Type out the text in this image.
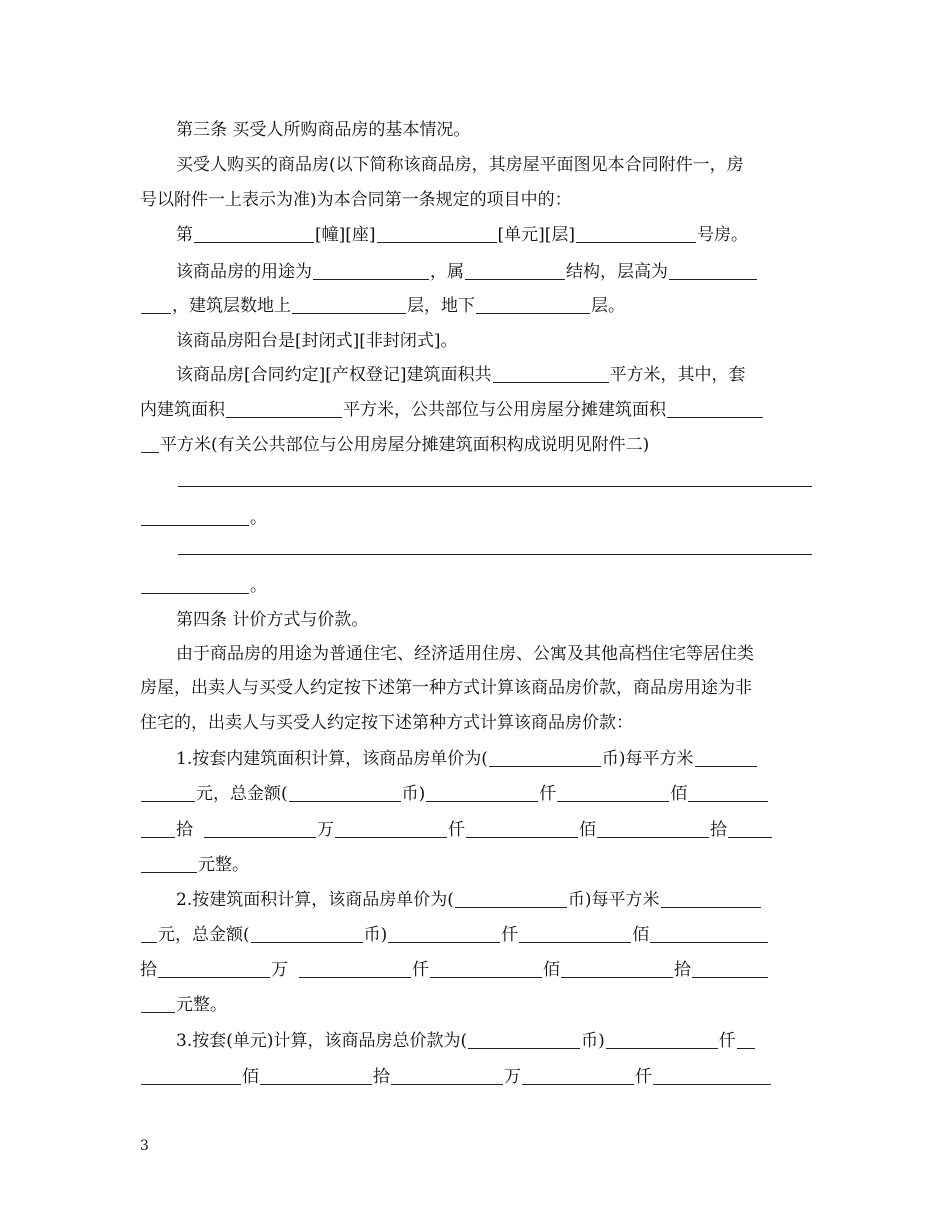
第三条 买受人所购商品房的基本情况。
买受人购买的商品房(以下简称该商品房，其房屋平面图见本合同附件一，房
号以附件一上表示为准)为本合同第一条规定的项目中的：
第	[幢][座]	[单元][层]	号房。
该商品房的用途为	，属	结构，层高为
，建筑层数地上	层，地下	层。
该商品房阳台是[封闭式][非封闭式]。
该商品房[合同约定][产权登记]建筑面积共	平方米，其中，套
内建筑面积	平方米，公共部位与公用房屋分摊建筑面积
平方米(有关公共部位与公用房屋分摊建筑面积构成说明见附件二)
。
。
第四条 计价方式与价款。
由于商品房的用途为普通住宅、经济适用住房、公寓及其他高档住宅等居住类
房屋，出卖人与买受人约定按下述第一种方式计算该商品房价款，商品房用途为非
住宅的，出卖人与买受人约定按下述第种方式计算该商品房价款：
1.按套内建筑面积计算，该商品房单价为(	币)每平方米
元，总金额(	币)	仟	佰
拾	万	仟	佰	拾
元整。
2.按建筑面积计算，该商品房单价为(	币)每平方米
元，总金额(	币)	仟	佰
拾	万	仟	佰	拾
元整。
3.按套(单元)计算，该商品房总价款为(	币)	仟
佰	拾	万	仟
3
